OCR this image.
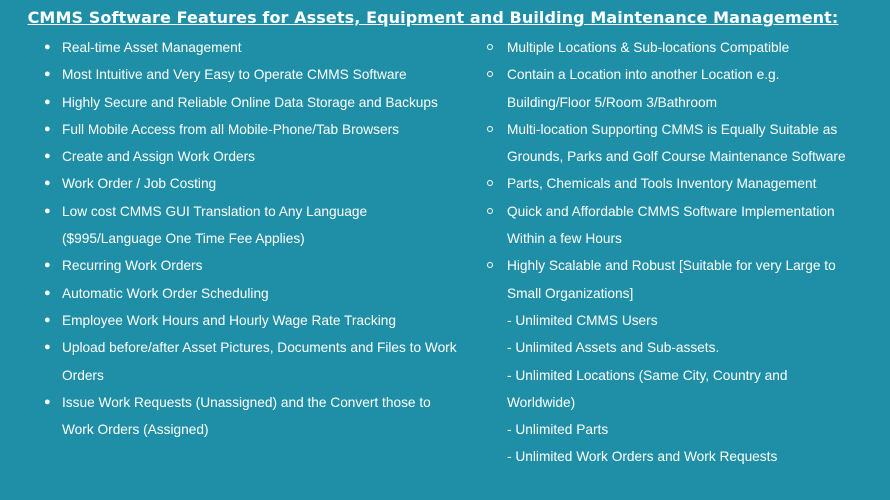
CMMS Software Features for Assets, Equipment and Building Maintenance Management:
● Real-time Asset Management
● Most Intuitive and Very Easy to Operate CMMS Software
● Highly Secure and Reliable Online Data Storage and Backups
● Full Mobile Access from all Mobile-Phone/Tab Browsers
● Create and Assign Work Orders
● Work Order / Job Costing
● Low cost CMMS GUI Translation to Any Language ($995/Language One Time Fee Applies)
● Recurring Work Orders
● Automatic Work Order Scheduling
● Employee Work Hours and Hourly Wage Rate Tracking
● Upload before/after Asset Pictures, Documents and Files to Work Orders
● Issue Work Requests (Unassigned) and the Convert those to Work Orders (Assigned)
Multiple Locations & Sub-locations Compatible
Contain a Location into another Location e.g. Building/Floor 5/Room 3/Bathroom
Multi-location Supporting CMMS is Equally Suitable as Grounds, Parks and Golf Course Maintenance Software
Parts, Chemicals and Tools Inventory Management
Quick and Affordable CMMS Software Implementation Within a few Hours
Highly Scalable and Robust [Suitable for very Large to Small Organizations]
- Unlimited CMMS Users
- Unlimited Assets and Sub-assets.
- Unlimited Locations (Same City, Country and Worldwide)
- Unlimited Parts
- Unlimited Work Orders and Work Requests
